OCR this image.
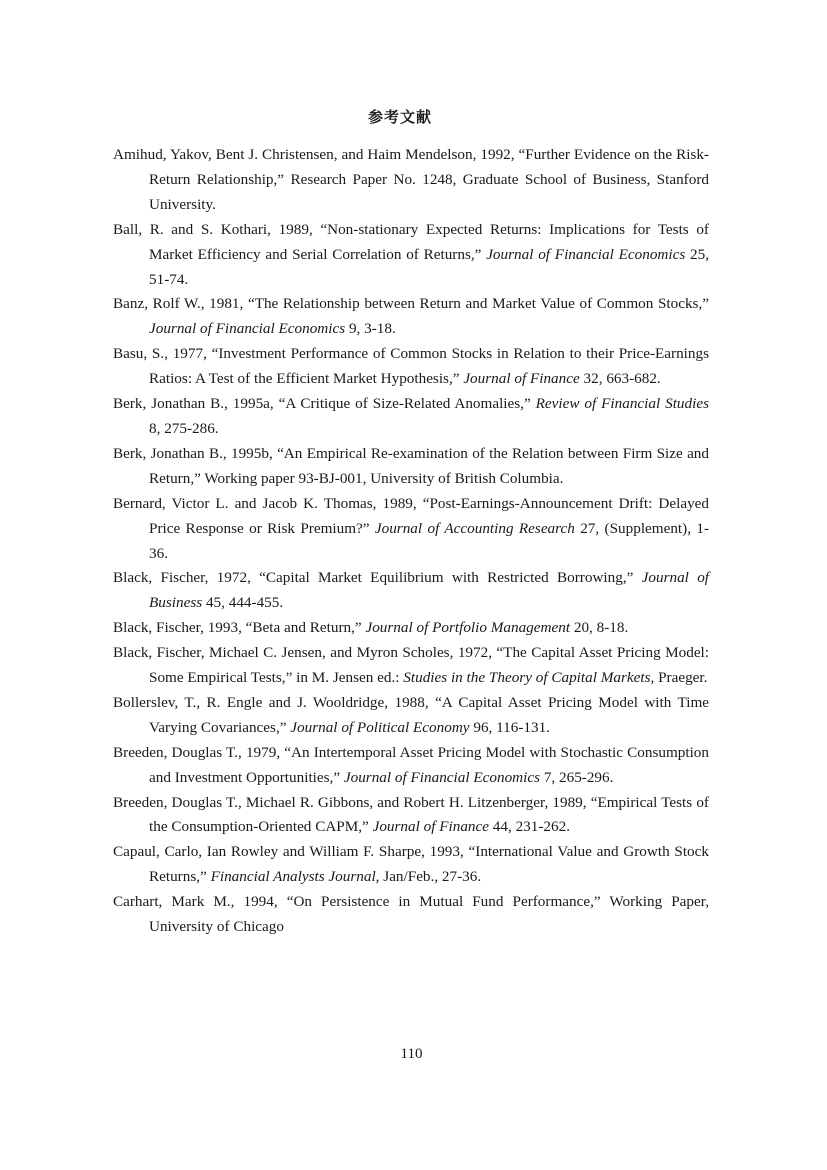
参考文献
Amihud, Yakov, Bent J. Christensen, and Haim Mendelson, 1992, “Further Evidence on the Risk-Return Relationship,” Research Paper No. 1248, Graduate School of Business, Stanford University.
Ball, R. and S. Kothari, 1989, “Non-stationary Expected Returns: Implications for Tests of Market Efficiency and Serial Correlation of Returns,” Journal of Financial Economics 25, 51-74.
Banz, Rolf W., 1981, “The Relationship between Return and Market Value of Common Stocks,” Journal of Financial Economics 9, 3-18.
Basu, S., 1977, “Investment Performance of Common Stocks in Relation to their Price-Earnings Ratios: A Test of the Efficient Market Hypothesis,” Journal of Finance 32, 663-682.
Berk, Jonathan B., 1995a, “A Critique of Size-Related Anomalies,” Review of Financial Studies 8, 275-286.
Berk, Jonathan B., 1995b, “An Empirical Re-examination of the Relation between Firm Size and Return,” Working paper 93-BJ-001, University of British Columbia.
Bernard, Victor L. and Jacob K. Thomas, 1989, “Post-Earnings-Announcement Drift: Delayed Price Response or Risk Premium?” Journal of Accounting Research 27, (Supplement), 1-36.
Black, Fischer, 1972, “Capital Market Equilibrium with Restricted Borrowing,” Journal of Business 45, 444-455.
Black, Fischer, 1993, “Beta and Return,” Journal of Portfolio Management 20, 8-18.
Black, Fischer, Michael C. Jensen, and Myron Scholes, 1972, “The Capital Asset Pricing Model: Some Empirical Tests,” in M. Jensen ed.: Studies in the Theory of Capital Markets, Praeger.
Bollerslev, T., R. Engle and J. Wooldridge, 1988, “A Capital Asset Pricing Model with Time Varying Covariances,” Journal of Political Economy 96, 116-131.
Breeden, Douglas T., 1979, “An Intertemporal Asset Pricing Model with Stochastic Consumption and Investment Opportunities,” Journal of Financial Economics 7, 265-296.
Breeden, Douglas T., Michael R. Gibbons, and Robert H. Litzenberger, 1989, “Empirical Tests of the Consumption-Oriented CAPM,” Journal of Finance 44, 231-262.
Capaul, Carlo, Ian Rowley and William F. Sharpe, 1993, “International Value and Growth Stock Returns,” Financial Analysts Journal, Jan/Feb., 27-36.
Carhart, Mark M., 1994, “On Persistence in Mutual Fund Performance,” Working Paper, University of Chicago
110
